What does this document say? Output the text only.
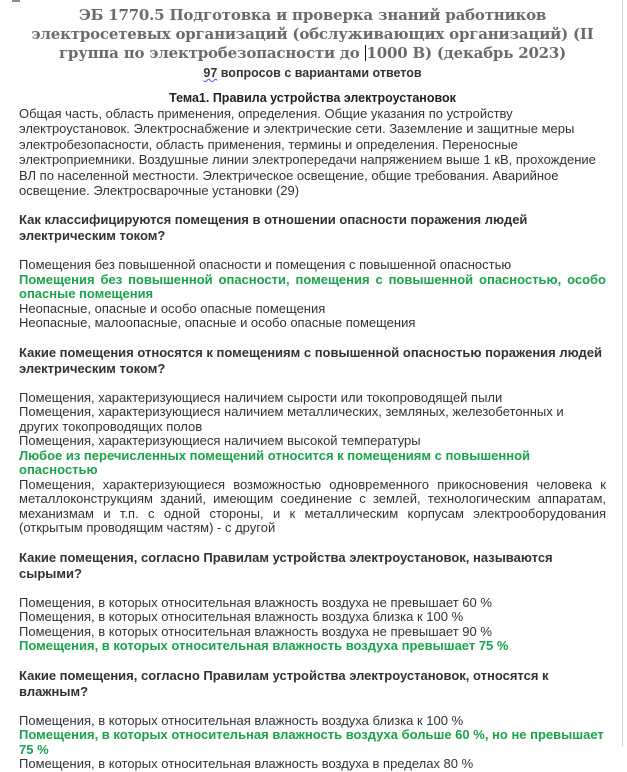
ЭБ 1770.5 Подготовка и проверка знаний работников электросетевых организаций (обслуживающих организаций) (II группа по электробезопасности до 1000 В) (декабрь 2023)
97 вопросов с вариантами ответов
Тема1. Правила устройства электроустановок

Общая часть, область применения, определения. Общие указания по устройству электроустановок. Электроснабжение и электрические сети. Заземление и защитные меры электробезопасности, область применения, термины и определения. Переносные электроприемники. Воздушные линии электропередачи напряжением выше 1 кВ, прохождение ВЛ по населенной местности. Электрическое освещение, общие требования. Аварийное освещение. Электросварочные установки (29)

Как классифицируются помещения в отношении опасности поражения людей электрическим током?
Помещения без повышенной опасности и помещения с повышенной опасностью
Помещения без повышенной опасности, помещения с повышенной опасностью, особо опасные помещения
Неопасные, опасные и особо опасные помещения
Неопасные, малоопасные, опасные и особо опасные помещения
Какие помещения относятся к помещениям с повышенной опасностью поражения людей электрическим током?
Помещения, характеризующиеся наличием сырости или токопроводящей пыли
Помещения, характеризующиеся наличием металлических, земляных, железобетонных и других токопроводящих полов
Помещения, характеризующиеся наличием высокой температуры
Любое из перечисленных помещений относится к помещениям с повышенной опасностью
Помещения, характеризующиеся возможностью одновременного прикосновения человека к металлоконструкциям зданий, имеющим соединение с землей, технологическим аппаратам, механизмам и т.п. с одной стороны, и к металлическим корпусам электрооборудования (открытым проводящим частям) - с другой
Какие помещения, согласно Правилам устройства электроустановок, называются сырыми?
Помещения, в которых относительная влажность воздуха не превышает 60 %
Помещения, в которых относительная влажность воздуха близка к 100 %
Помещения, в которых относительная влажность воздуха не превышает 90 %
Помещения, в которых относительная влажность воздуха превышает 75 %
Какие помещения, согласно Правилам устройства электроустановок, относятся к влажным?
Помещения, в которых относительная влажность воздуха близка к 100 %
Помещения, в которых относительная влажность воздуха больше 60 %, но не превышает 75 %
Помещения, в которых относительная влажность воздуха в пределах 80 %
